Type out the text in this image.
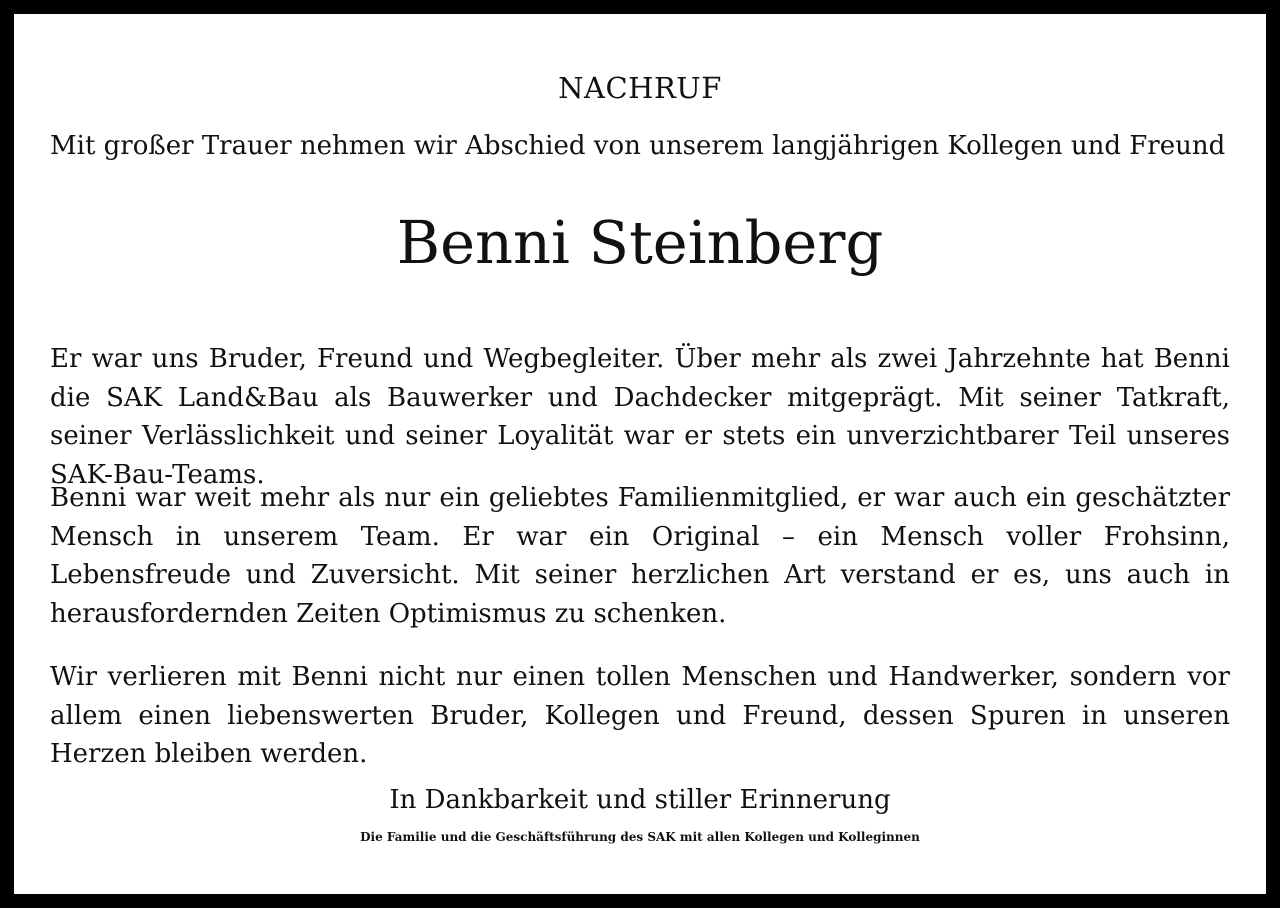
NACHRUF
Mit großer Trauer nehmen wir Abschied von unserem langjährigen Kollegen und Freund
Benni Steinberg

Er war uns Bruder, Freund und Wegbegleiter. Über mehr als zwei Jahrzehnte hat Benni die SAK Land&Bau als Bauwerker und Dachdecker mitgeprägt. Mit seiner Tatkraft, seiner Verlässlichkeit und seiner Loyalität war er stets ein unverzichtbarer Teil unseres SAK-Bau-Teams.

Benni war weit mehr als nur ein geliebtes Familienmitglied, er war auch ein geschätzter Mensch in unserem Team. Er war ein Original – ein Mensch voller Frohsinn, Lebensfreude und Zuversicht. Mit seiner herzlichen Art verstand er es, uns auch in herausfordernden Zeiten Optimismus zu schenken.

Wir verlieren mit Benni nicht nur einen tollen Menschen und Handwerker, sondern vor allem einen liebenswerten Bruder, Kollegen und Freund, dessen Spuren in unseren Herzen bleiben werden.

In Dankbarkeit und stiller Erinnerung
Die Familie und die Geschäftsführung des SAK mit allen Kollegen und Kolleginnen
